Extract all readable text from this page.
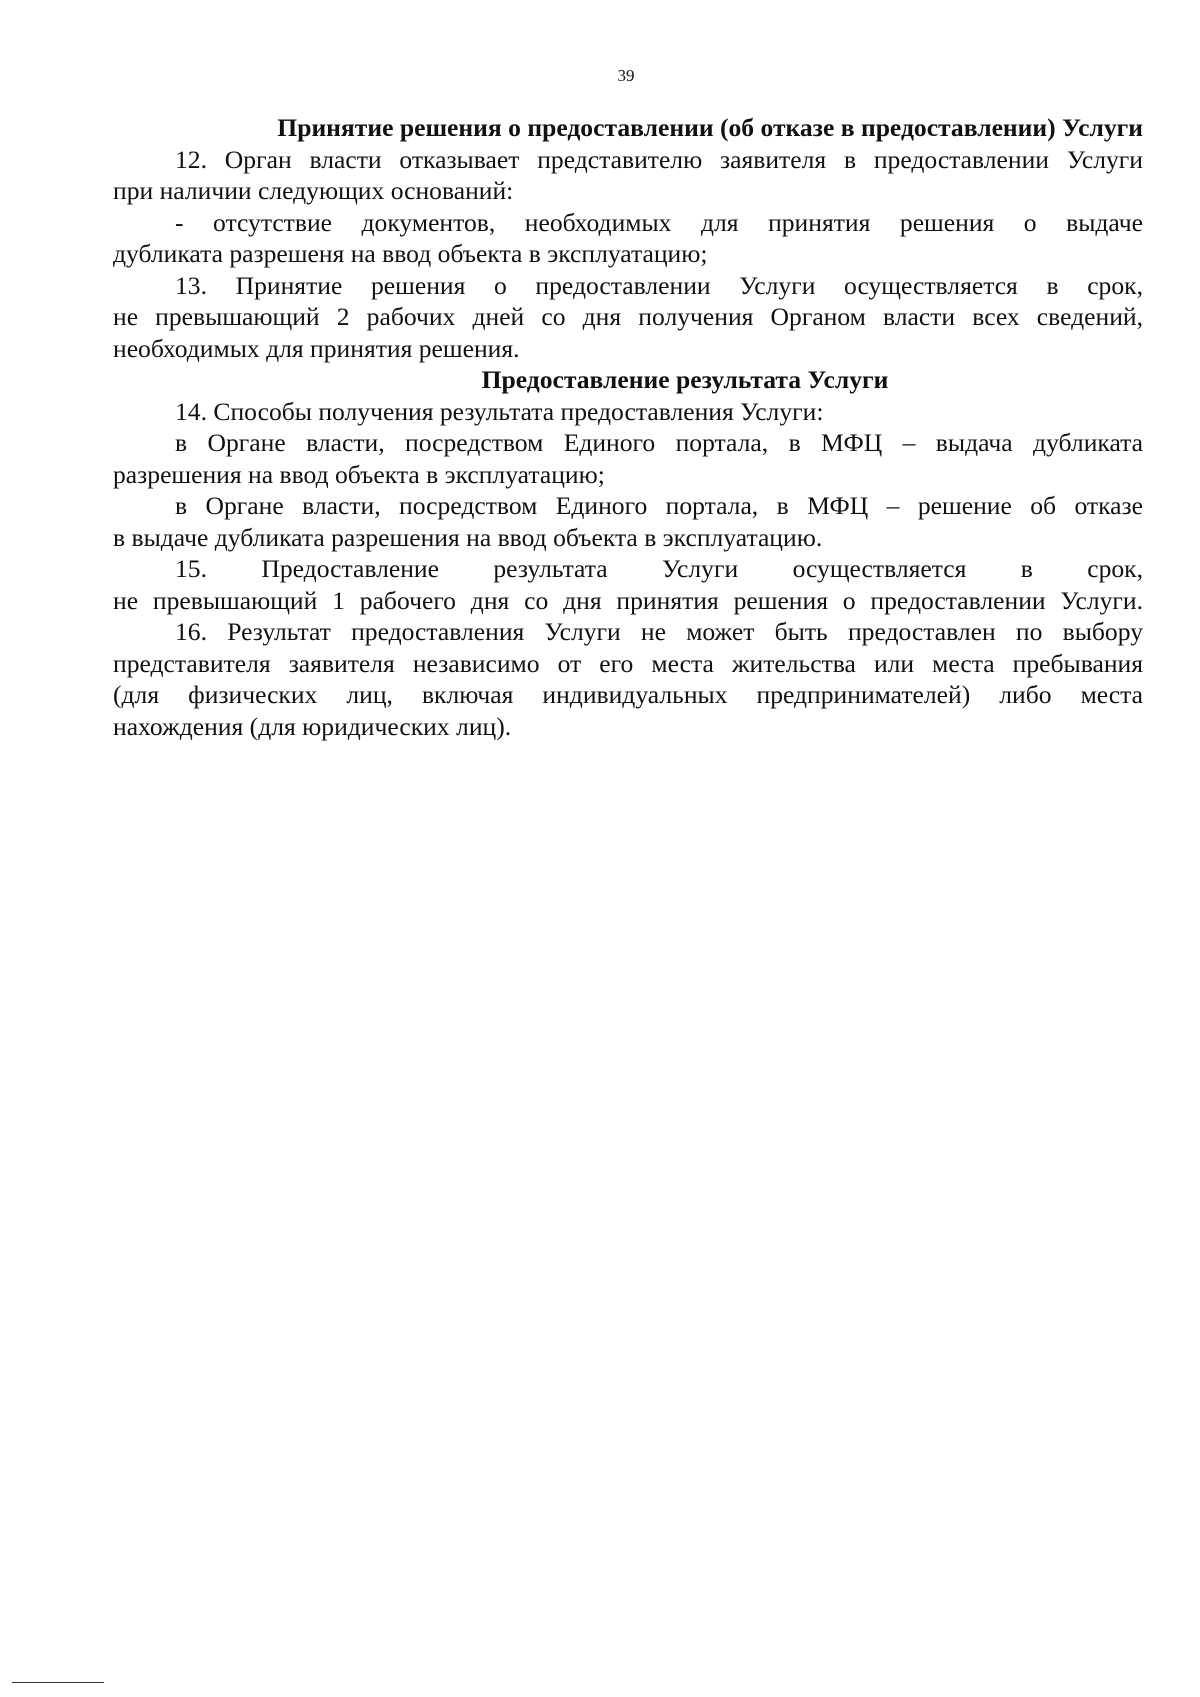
39
Принятие решения о предоставлении (об отказе в предоставлении) Услуги
12. Орган власти отказывает представителю заявителя в предоставлении Услуги
при наличии следующих оснований:
- отсутствие документов, необходимых для принятия решения о выдаче
дубликата разрешеня на ввод объекта в эксплуатацию;
13. Принятие решения о предоставлении Услуги осуществляется в срок,
не превышающий 2 рабочих дней со дня получения Органом власти всех сведений,
необходимых для принятия решения.
Предоставление результата Услуги
14. Способы получения результата предоставления Услуги:
в Органе власти, посредством Единого портала, в МФЦ – выдача дубликата
разрешения на ввод объекта в эксплуатацию;
в Органе власти, посредством Единого портала, в МФЦ – решение об отказе
в выдаче дубликата разрешения на ввод объекта в эксплуатацию.
15. Предоставление результата Услуги осуществляется в срок,
не превышающий 1 рабочего дня со дня принятия решения о предоставлении Услуги.
16. Результат предоставления Услуги не может быть предоставлен по выбору
представителя заявителя независимо от его места жительства или места пребывания
(для физических лиц, включая индивидуальных предпринимателей) либо места
нахождения (для юридических лиц).
